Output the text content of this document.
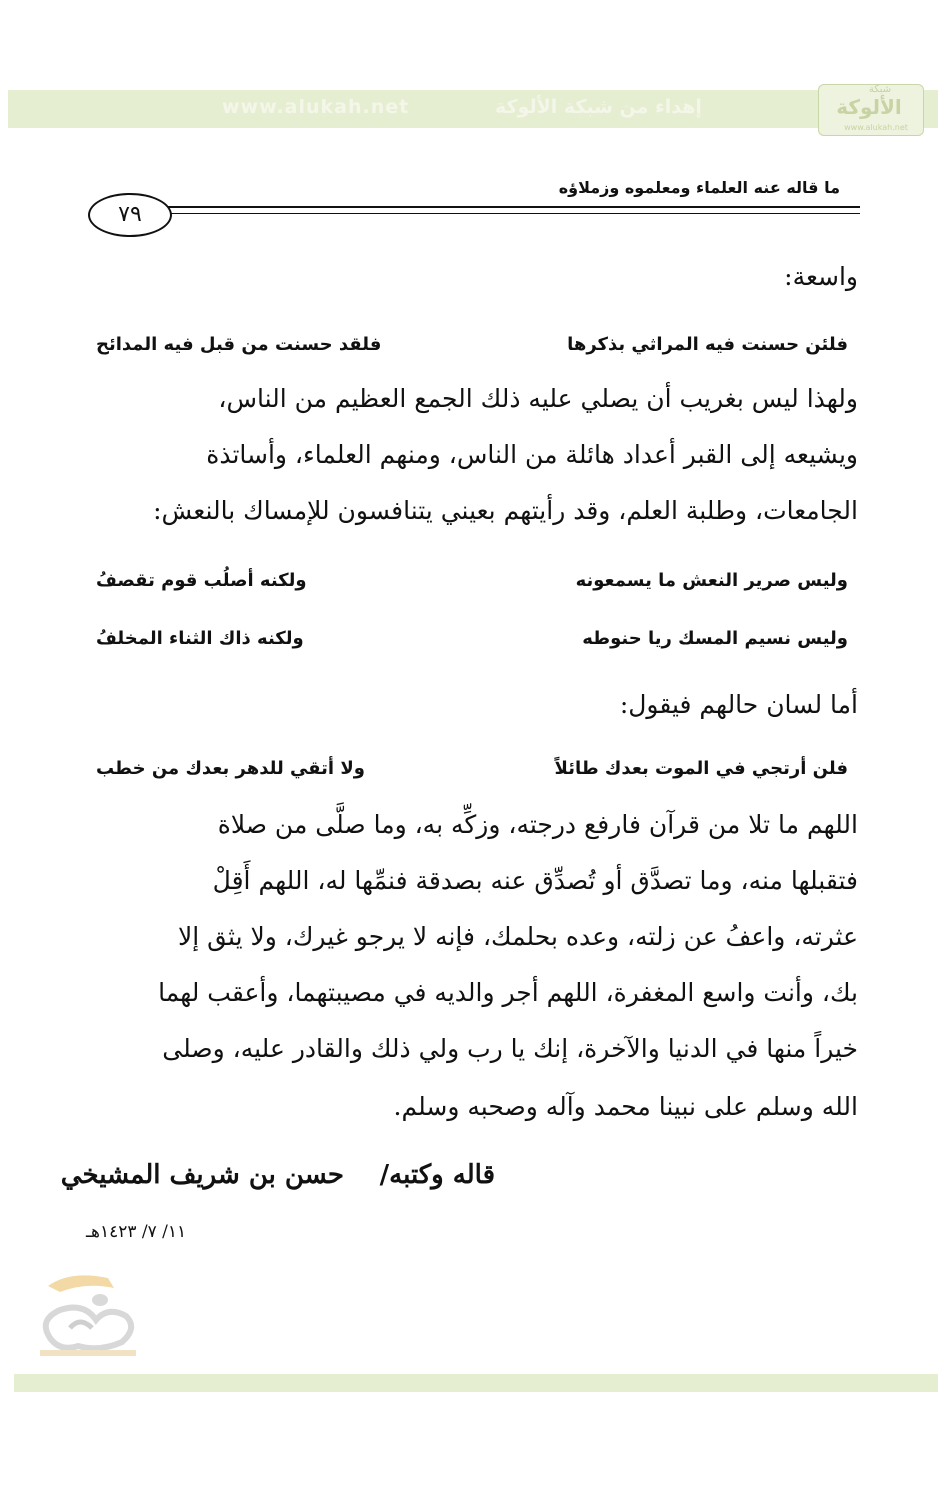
www.alukah.net	إهداء من شبكة الألوكة
شبكة
الألوكة
www.alukah.net
ما قاله عنه العلماء ومعلموه وزملاؤه
٧٩
واسعة:
فلئن حسنت فيه المراثي بذكرها
فلقد حسنت من قبل فيه المدائح
ولهذا ليس بغريب أن يصلي عليه ذلك الجمع العظيم من الناس،
ويشيعه إلى القبر أعداد هائلة من الناس، ومنهم العلماء، وأساتذة
الجامعات، وطلبة العلم، وقد رأيتهم بعيني يتنافسون للإمساك بالنعش:
وليس صرير النعش ما يسمعونه
ولكنه أصلُب قوم تقصفُ
وليس نسيم المسك ريا حنوطه
ولكنه ذاك الثناء المخلفُ
أما لسان حالهم فيقول:
فلن أرتجي في الموت بعدك طائلاً
ولا أتقي للدهر بعدك من خطب
اللهم ما تلا من قرآن فارفع درجته، وزكِّه به، وما صلَّى من صلاة
فتقبلها منه، وما تصدَّق أو تُصدِّق عنه بصدقة فنمِّها له، اللهم أَقِلْ
عثرته، واعفُ عن زلته، وعده بحلمك، فإنه لا يرجو غيرك، ولا يثق إلا
بك، وأنت واسع المغفرة، اللهم أجر والديه في مصيبتهما، وأعقب لهما
خيراً منها في الدنيا والآخرة، إنك يا رب ولي ذلك والقادر عليه، وصلى
الله وسلم على نبينا محمد وآله وصحبه وسلم.
قاله وكتبه/
حسن بن شريف المشيخي
١١/ ٧/ ١٤٢٣هـ
